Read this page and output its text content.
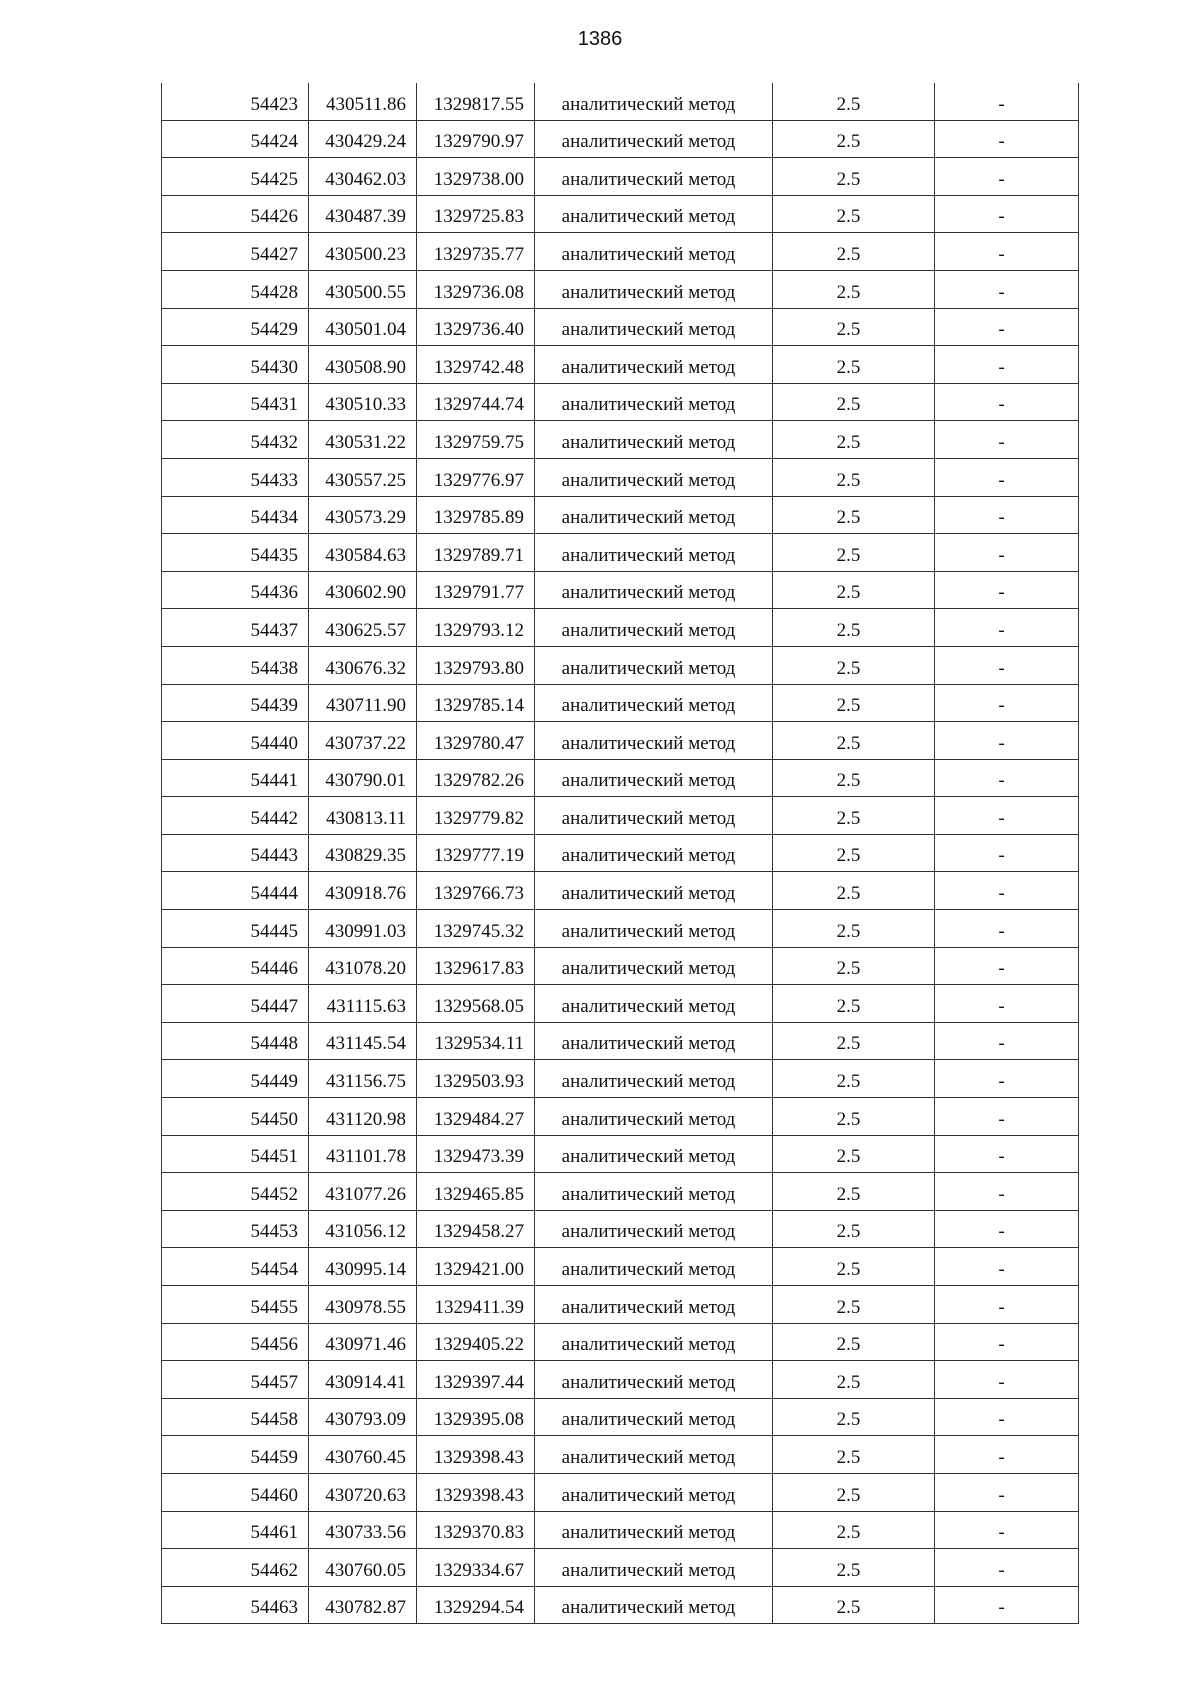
1386
54423	430511.86	1329817.55	аналитический метод	2.5	-
54424	430429.24	1329790.97	аналитический метод	2.5	-
54425	430462.03	1329738.00	аналитический метод	2.5	-
54426	430487.39	1329725.83	аналитический метод	2.5	-
54427	430500.23	1329735.77	аналитический метод	2.5	-
54428	430500.55	1329736.08	аналитический метод	2.5	-
54429	430501.04	1329736.40	аналитический метод	2.5	-
54430	430508.90	1329742.48	аналитический метод	2.5	-
54431	430510.33	1329744.74	аналитический метод	2.5	-
54432	430531.22	1329759.75	аналитический метод	2.5	-
54433	430557.25	1329776.97	аналитический метод	2.5	-
54434	430573.29	1329785.89	аналитический метод	2.5	-
54435	430584.63	1329789.71	аналитический метод	2.5	-
54436	430602.90	1329791.77	аналитический метод	2.5	-
54437	430625.57	1329793.12	аналитический метод	2.5	-
54438	430676.32	1329793.80	аналитический метод	2.5	-
54439	430711.90	1329785.14	аналитический метод	2.5	-
54440	430737.22	1329780.47	аналитический метод	2.5	-
54441	430790.01	1329782.26	аналитический метод	2.5	-
54442	430813.11	1329779.82	аналитический метод	2.5	-
54443	430829.35	1329777.19	аналитический метод	2.5	-
54444	430918.76	1329766.73	аналитический метод	2.5	-
54445	430991.03	1329745.32	аналитический метод	2.5	-
54446	431078.20	1329617.83	аналитический метод	2.5	-
54447	431115.63	1329568.05	аналитический метод	2.5	-
54448	431145.54	1329534.11	аналитический метод	2.5	-
54449	431156.75	1329503.93	аналитический метод	2.5	-
54450	431120.98	1329484.27	аналитический метод	2.5	-
54451	431101.78	1329473.39	аналитический метод	2.5	-
54452	431077.26	1329465.85	аналитический метод	2.5	-
54453	431056.12	1329458.27	аналитический метод	2.5	-
54454	430995.14	1329421.00	аналитический метод	2.5	-
54455	430978.55	1329411.39	аналитический метод	2.5	-
54456	430971.46	1329405.22	аналитический метод	2.5	-
54457	430914.41	1329397.44	аналитический метод	2.5	-
54458	430793.09	1329395.08	аналитический метод	2.5	-
54459	430760.45	1329398.43	аналитический метод	2.5	-
54460	430720.63	1329398.43	аналитический метод	2.5	-
54461	430733.56	1329370.83	аналитический метод	2.5	-
54462	430760.05	1329334.67	аналитический метод	2.5	-
54463	430782.87	1329294.54	аналитический метод	2.5	-
